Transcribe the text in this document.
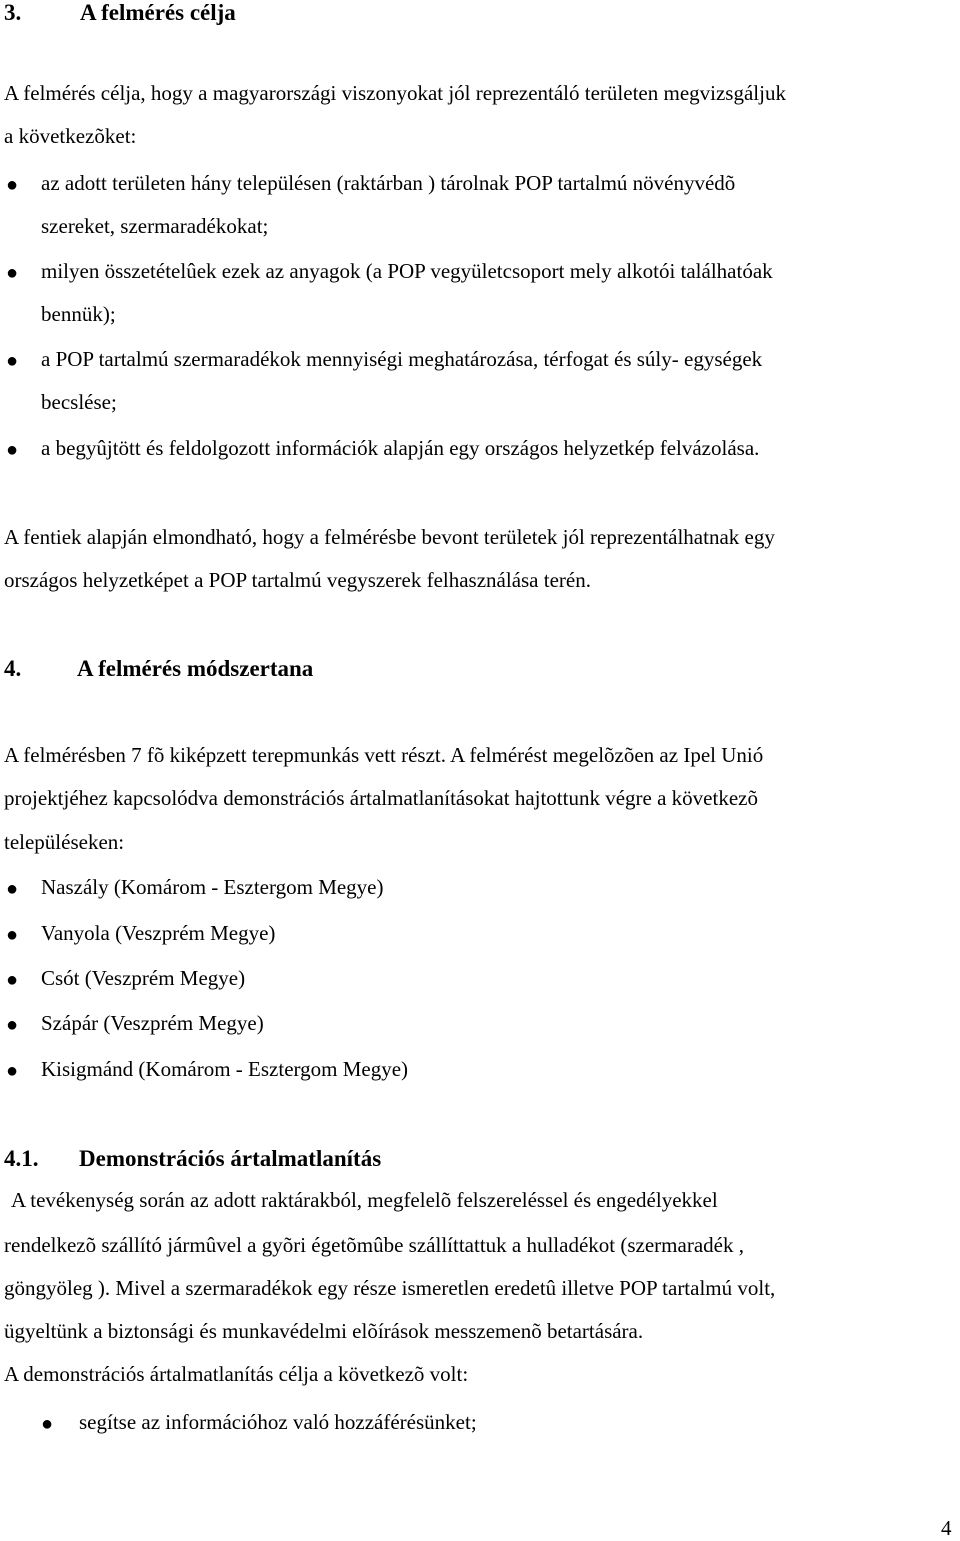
3.	A felmérés célja
A felmérés célja, hogy a magyarországi viszonyokat jól reprezentáló területen megvizsgáljuk
a következõket:
● az adott területen hány településen (raktárban ) tárolnak POP tartalmú növényvédõ
szereket, szermaradékokat;
● milyen összetételûek ezek az anyagok (a POP vegyületcsoport mely alkotói találhatóak
bennük);
● a POP tartalmú szermaradékok mennyiségi meghatározása, térfogat és súly- egységek
becslése;
● a begyûjtött és feldolgozott információk alapján egy országos helyzetkép felvázolása.
A fentiek alapján elmondható, hogy a felmérésbe bevont területek jól reprezentálhatnak egy
országos helyzetképet a POP tartalmú vegyszerek felhasználása terén.
4. A felmérés módszertana
A felmérésben 7 fõ kiképzett terepmunkás vett részt. A felmérést megelõzõen az Ipel Unió
projektjéhez kapcsolódva demonstrációs ártalmatlanításokat hajtottunk végre a következõ
településeken:
● Naszály (Komárom - Esztergom Megye)
● Vanyola (Veszprém Megye)
● Csót (Veszprém Megye)
● Szápár (Veszprém Megye)
● Kisigmánd (Komárom - Esztergom Megye)
4.1. Demonstrációs ártalmatlanítás
A tevékenység során az adott raktárakból, megfelelõ felszereléssel és engedélyekkel
rendelkezõ szállító jármûvel a gyõri égetõmûbe szállíttattuk a hulladékot (szermaradék ,
göngyöleg ). Mivel a szermaradékok egy része ismeretlen eredetû illetve POP tartalmú volt,
ügyeltünk a biztonsági és munkavédelmi elõírások messzemenõ betartására.
A demonstrációs ártalmatlanítás célja a következõ volt:
● segítse az információhoz való hozzáférésünket;
4
